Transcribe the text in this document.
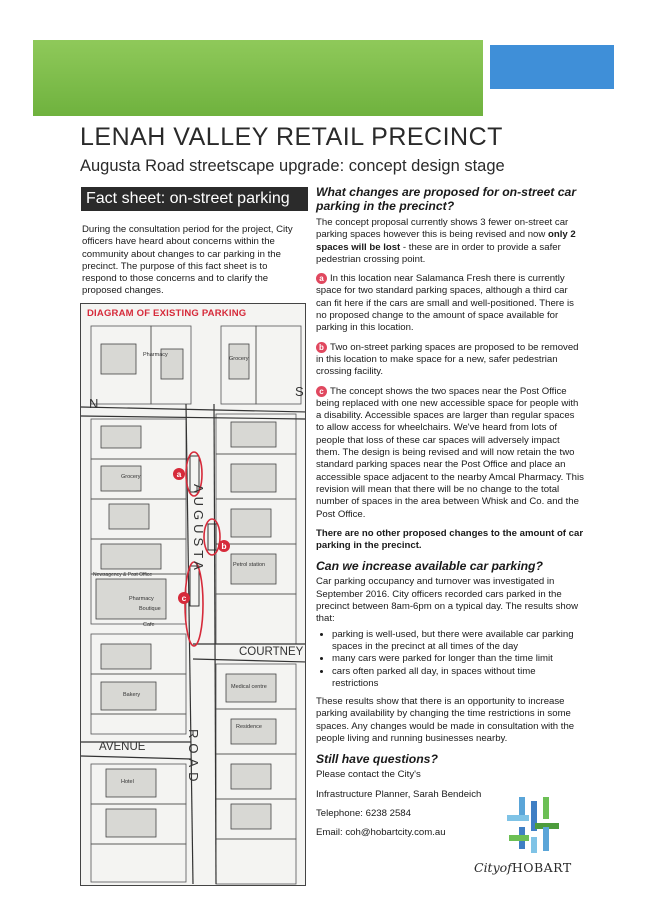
LENAH VALLEY RETAIL PRECINCT
Augusta Road streetscape upgrade: concept design stage
Fact sheet: on-street parking
During the consultation period for the project, City officers have heard about concerns within the community about changes to car parking in the precinct. The purpose of this fact sheet is to respond to those concerns and to clarify the proposed changes.
DIAGRAM OF EXISTING PARKING
N
S
AUGUSTA
ROAD
COURTNEY
AVENUE
Pharmacy
Grocery
Grocery
Newsagency & Post Office
Pharmacy
Boutique
Cafe
Bakery
Hotel
Medical centre
Petrol station
Residence
a
b
c
What changes are proposed for on-street car parking in the precinct?

The concept proposal currently shows 3 fewer on-street car parking spaces however this is being revised and now only 2 spaces will be lost - these are in order to provide a safer pedestrian crossing point.

a In this location near Salamanca Fresh there is currently space for two standard parking spaces, although a third car can fit here if the cars are small and well-positioned. There is no proposed change to the amount of space available for parking in this location.

b Two on-street parking spaces are proposed to be removed in this location to make space for a new, safer pedestrian crossing facility.

c The concept shows the two spaces near the Post Office being replaced with one new accessible space for people with a disability. Accessible spaces are larger than regular spaces to allow access for wheelchairs. We've heard from lots of people that loss of these car spaces will adversely impact them. The design is being revised and will now retain the two standard parking spaces near the Post Office and place an accessible space adjacent to the nearby Amcal Pharmacy. This revision will mean that there will be no change to the total number of spaces in the area between Whisk and Co. and the Post Office.

There are no other proposed changes to the amount of car parking in the precinct.

Can we increase available car parking?

Car parking occupancy and turnover was investigated in September 2016. City officers recorded cars parked in the precinct between 8am-6pm on a typical day. The results show that:

• parking is well-used, but there were available car parking spaces in the precinct at all times of the day
• many cars were parked for longer than the time limit
• cars often parked all day, in spaces without time restrictions

These results show that there is an opportunity to increase parking availability by changing the time restrictions in some spaces. Any changes would be made in consultation with the people living and running businesses nearby.

Still have questions?

Please contact the City's

Infrastructure Planner, Sarah Bendeich

Telephone: 6238 2584

Email: coh@hobartcity.com.au

CityofHOBART
